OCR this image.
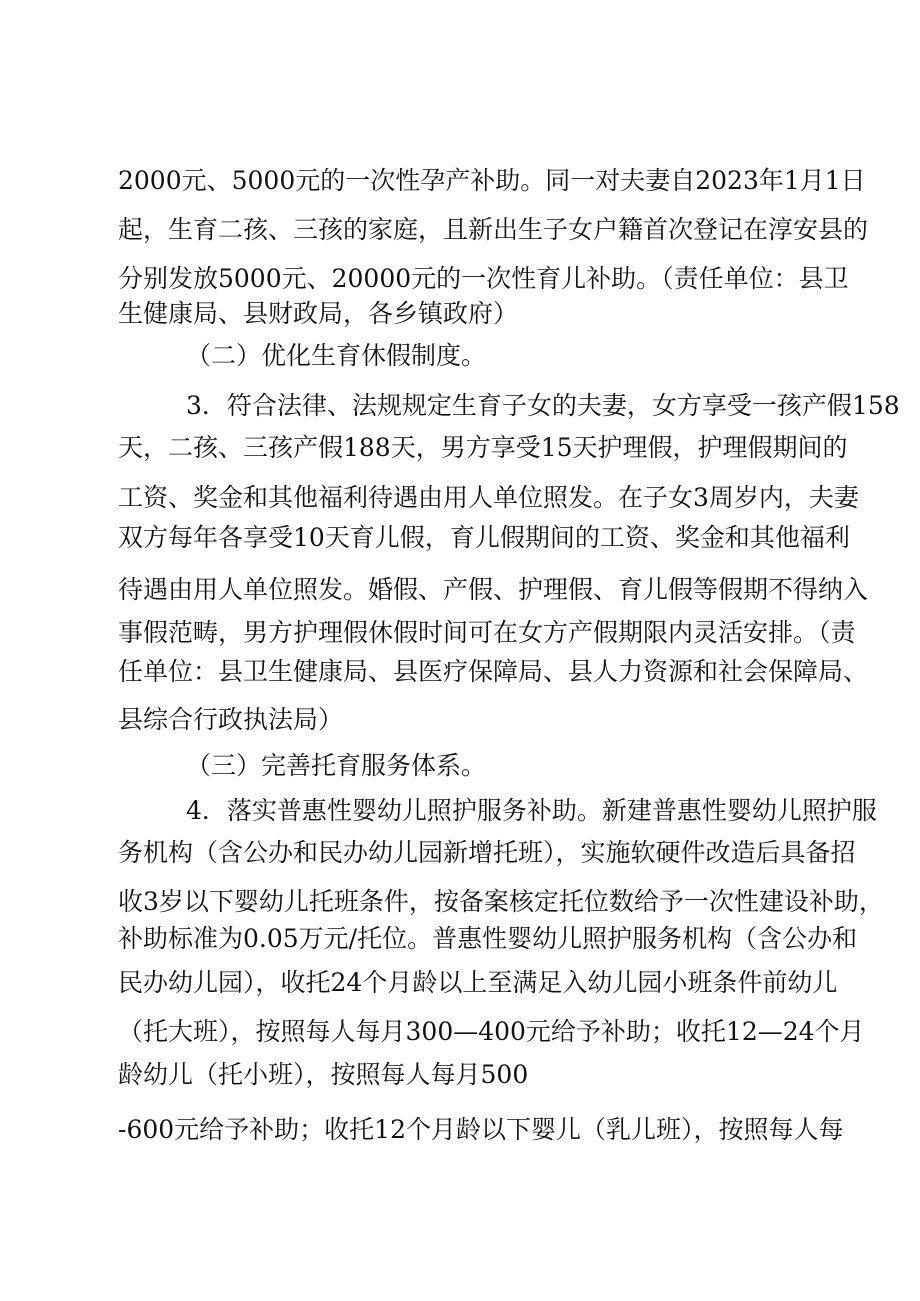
2000元、5000元的一次性孕产补助。同一对夫妻自2023年1月1日
起，生育二孩、三孩的家庭，且新出生子女户籍首次登记在淳安县的
分别发放5000元、20000元的一次性育儿补助。（责任单位：县卫
生健康局、县财政局，各乡镇政府）
（二）优化生育休假制度。
3．符合法律、法规规定生育子女的夫妻，女方享受一孩产假158
天，二孩、三孩产假188天，男方享受15天护理假，护理假期间的
工资、奖金和其他福利待遇由用人单位照发。在子女3周岁内，夫妻
双方每年各享受10天育儿假，育儿假期间的工资、奖金和其他福利
待遇由用人单位照发。婚假、产假、护理假、育儿假等假期不得纳入
事假范畴，男方护理假休假时间可在女方产假期限内灵活安排。（责
任单位：县卫生健康局、县医疗保障局、县人力资源和社会保障局、
县综合行政执法局）
（三）完善托育服务体系。
4．落实普惠性婴幼儿照护服务补助。新建普惠性婴幼儿照护服
务机构（含公办和民办幼儿园新增托班），实施软硬件改造后具备招
收3岁以下婴幼儿托班条件，按备案核定托位数给予一次性建设补助，
补助标准为0.05万元/托位。普惠性婴幼儿照护服务机构（含公办和
民办幼儿园），收托24个月龄以上至满足入幼儿园小班条件前幼儿
（托大班），按照每人每月300—400元给予补助；收托12—24个月
龄幼儿（托小班），按照每人每月500
-600元给予补助；收托12个月龄以下婴儿（乳儿班），按照每人每
